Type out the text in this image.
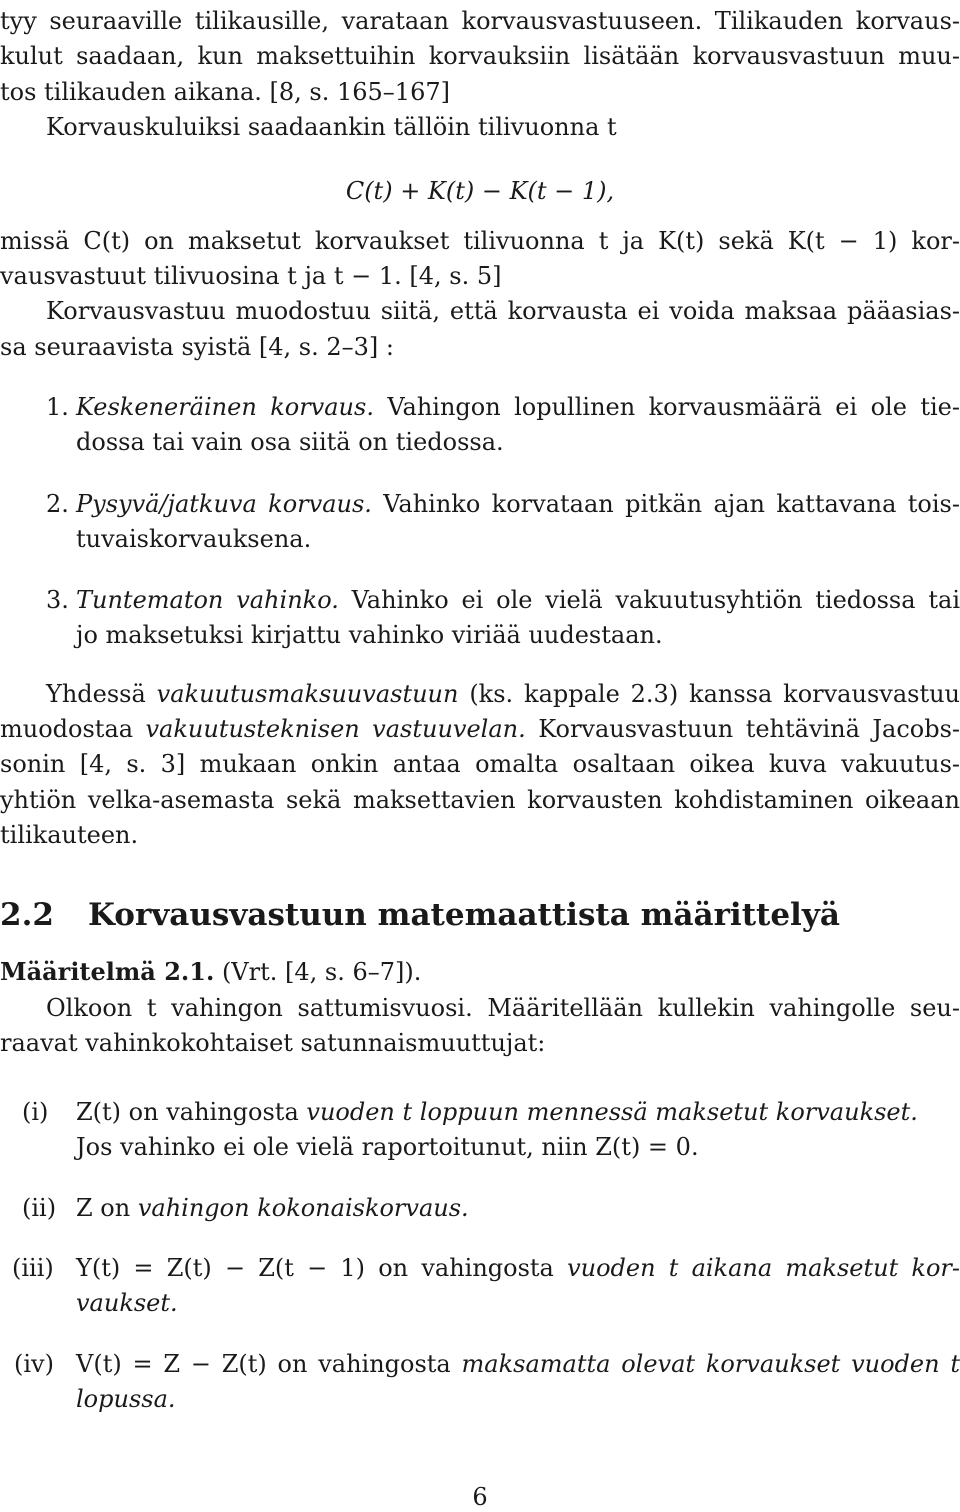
tyy seuraaville tilikausille, varataan korvausvastuuseen. Tilikauden korvaus-
kulut saadaan, kun maksettuihin korvauksiin lisätään korvausvastuun muu-
tos tilikauden aikana. [8, s. 165–167]
Korvauskuluiksi saadaankin tällöin tilivuonna t
C(t) + K(t) − K(t − 1),
missä C(t) on maksetut korvaukset tilivuonna t ja K(t) sekä K(t − 1) kor-
vausvastuut tilivuosina t ja t − 1. [4, s. 5]
Korvausvastuu muodostuu siitä, että korvausta ei voida maksaa pääasias-
sa seuraavista syistä [4, s. 2–3] :
1. Keskeneräinen korvaus. Vahingon lopullinen korvausmäärä ei ole tie-
dossa tai vain osa siitä on tiedossa.
2. Pysyvä/jatkuva korvaus. Vahinko korvataan pitkän ajan kattavana tois-
tuvaiskorvauksena.
3. Tuntematon vahinko. Vahinko ei ole vielä vakuutusyhtiön tiedossa tai
jo maksetuksi kirjattu vahinko viriää uudestaan.
Yhdessä vakuutusmaksuuvastuun (ks. kappale 2.3) kanssa korvausvastuu
muodostaa vakuutusteknisen vastuuvelan. Korvausvastuun tehtävinä Jacobs-
sonin [4, s. 3] mukaan onkin antaa omalta osaltaan oikea kuva vakuutus-
yhtiön velka-asemasta sekä maksettavien korvausten kohdistaminen oikeaan
tilikauteen.
2.2 Korvausvastuun matemaattista määrittelyä
Määritelmä 2.1. (Vrt. [4, s. 6–7]).
Olkoon t vahingon sattumisvuosi. Määritellään kullekin vahingolle seu-
raavat vahinkokohtaiset satunnaismuuttujat:
(i) Z(t) on vahingosta vuoden t loppuun mennessä maksetut korvaukset.
Jos vahinko ei ole vielä raportoitunut, niin Z(t) = 0.
(ii) Z on vahingon kokonaiskorvaus.
(iii) Y(t) = Z(t) − Z(t − 1) on vahingosta vuoden t aikana maksetut kor-
vaukset.
(iv) V(t) = Z − Z(t) on vahingosta maksamatta olevat korvaukset vuoden t
lopussa.
6
